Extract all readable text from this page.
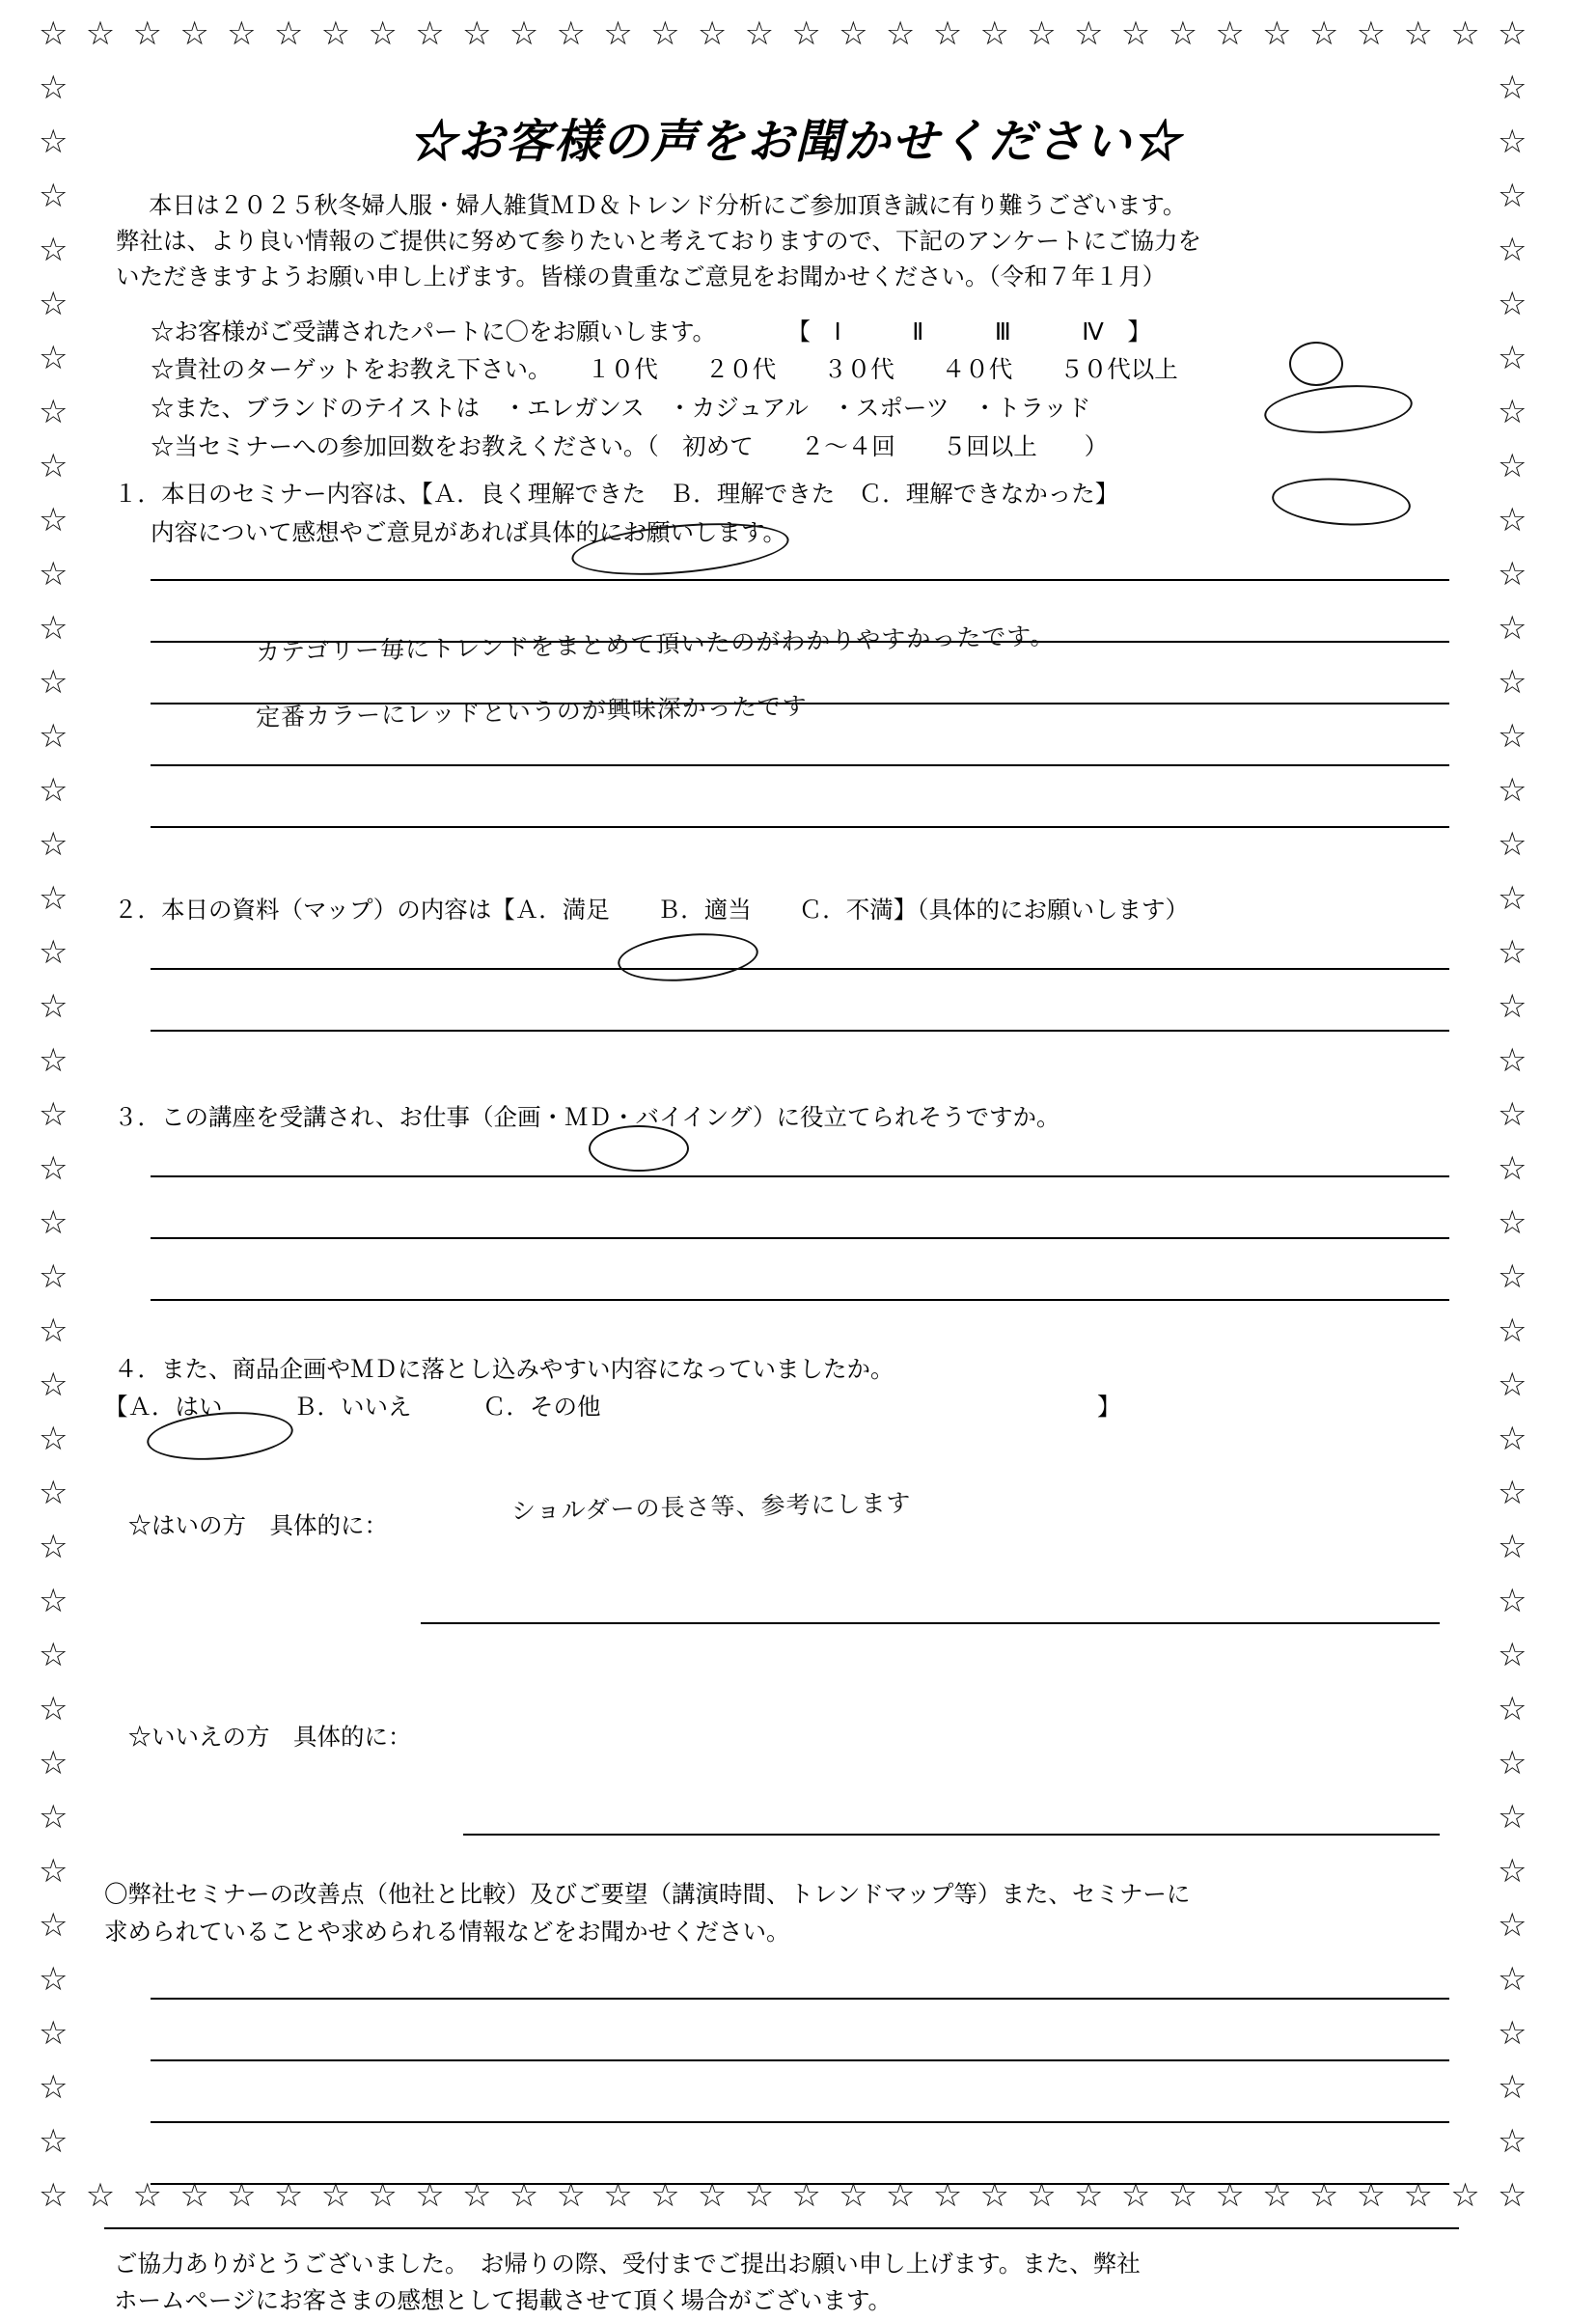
☆
☆
☆
☆
☆
☆
☆
☆
☆
☆
☆
☆
☆
☆
☆
☆
☆
☆
☆
☆
☆
☆
☆
☆
☆
☆
☆
☆
☆
☆
☆
☆
☆
☆
☆
☆
☆
☆
☆
☆
☆
☆
☆
☆
☆
☆
☆
☆
☆
☆
☆
☆
☆
☆
☆
☆
☆
☆
☆
☆
☆
☆
☆
☆
☆	☆
☆	☆
☆	☆
☆	☆
☆	☆
☆	☆
☆	☆
☆	☆
☆	☆
☆	☆
☆	☆
☆	☆
☆	☆
☆	☆
☆	☆
☆	☆
☆	☆
☆	☆
☆	☆
☆	☆
☆	☆
☆	☆
☆	☆
☆	☆
☆	☆
☆	☆
☆	☆
☆	☆
☆	☆
☆	☆
☆	☆
☆	☆
☆	☆
☆	☆
☆	☆
☆	☆
☆	☆
☆	☆
☆	☆
☆お客様の声をお聞かせください☆

本日は２０２５秋冬婦人服・婦人雑貨ＭＤ＆トレンド分析にご参加頂き誠に有り難うございます。

弊社は、より良い情報のご提供に努めて参りたいと考えておりますので、下記のアンケートにご協力を

いただきますようお願い申し上げます。皆様の貴重なご意見をお聞かせください。（令和７年１月）

☆お客様がご受講されたパートに〇をお願いします。　　　　【　Ⅰ　　　Ⅱ　　　Ⅲ　　　Ⅳ　】
☆貴社のターゲットをお教え下さい。　　１０代　　２０代　　３０代　　４０代　　５０代以上
☆また、ブランドのテイストは　・エレガンス　・カジュアル　・スポーツ　・トラッド
☆当セミナーへの参加回数をお教えください。（　初めて　　２～４回　　５回以上　　）
１．本日のセミナー内容は、【Ａ．良く理解できた　Ｂ．理解できた　Ｃ．理解できなかった】
内容について感想やご意見があれば具体的にお願いします。
２．本日の資料（マップ）の内容は【Ａ．満足　　Ｂ．適当　　Ｃ．不満】（具体的にお願いします）
３．この講座を受講され、お仕事（企画・ＭＤ・バイイング）に役立てられそうですか。
４．また、商品企画やＭＤに落とし込みやすい内容になっていましたか。
【Ａ．はい　　　Ｂ．いいえ　　　Ｃ．その他　　　　　　　　　　　　　　　　　　　　　】

☆はいの方　具体的に：

☆いいえの方　具体的に：

〇弊社セミナーの改善点（他社と比較）及びご要望（講演時間、トレンドマップ等）また、セミナーに
求められていることや求められる情報などをお聞かせください。
ご協力ありがとうございました。　お帰りの際、受付までご提出お願い申し上げます。また、弊社
ホームページにお客さまの感想として掲載させて頂く場合がございます。
カテゴリー毎にトレンドをまとめて頂いたのがわかりやすかったです。
定番カラーにレッドというのが興味深かったです
ショルダーの長さ等、参考にします
